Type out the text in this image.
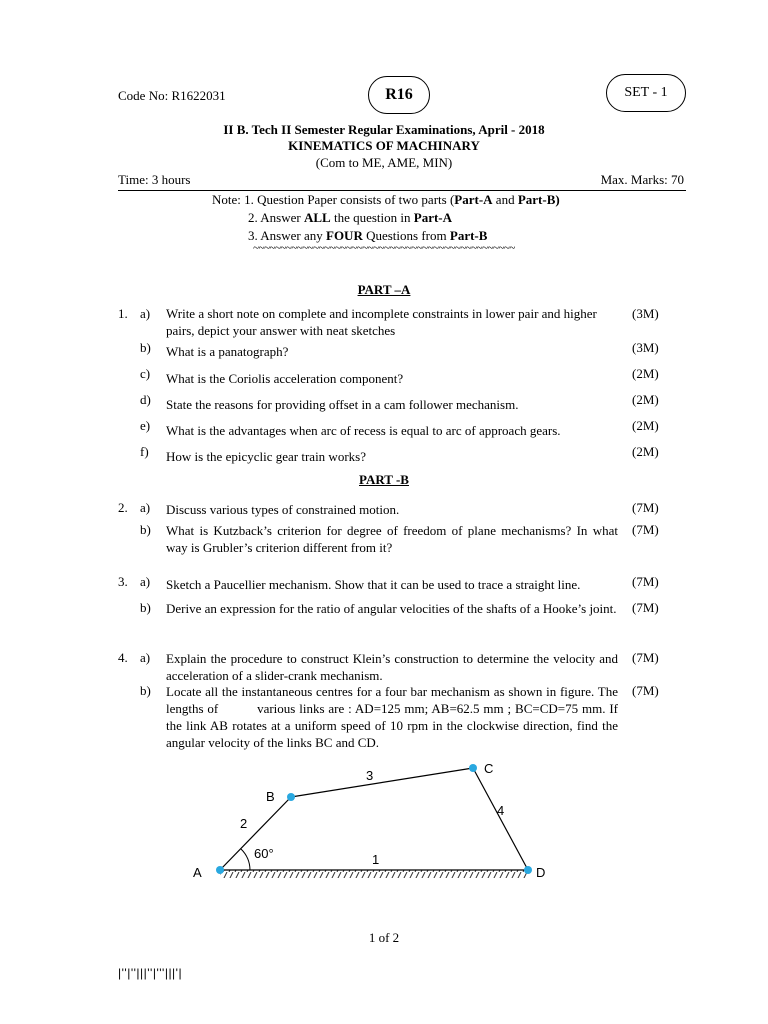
Code No: R1622031	R16	SET - 1
II B. Tech II Semester Regular Examinations, April - 2018
KINEMATICS OF MACHINARY
(Com to ME, AME, MIN)
Time: 3 hours	Max. Marks: 70
Note: 1. Question Paper consists of two parts (Part-A and Part-B)
2. Answer ALL the question in Part-A
3. Answer any FOUR Questions from Part-B
~~~~~~~~~~~~~~~~~~~~~~~~~~~~~~~~~~~~~~~~~~~~~~~~
PART –A
1. a)	Write a short note on complete and incomplete constraints in lower pair and higher pairs, depict your answer with neat sketches
(3M)
b)	What is a panatograph?	(3M)
c)	What is the Coriolis acceleration component?	(2M)
d)	State the reasons for providing offset in a cam follower mechanism.	(2M)
e)	What is the advantages when arc of recess is equal to arc of approach gears.	(2M)
f)	How is the epicyclic gear train works?	(2M)
PART -B
2. a)	Discuss various types of constrained motion.	(7M)
b)	What is Kutzback’s criterion for degree of freedom of plane mechanisms? In what way is Grubler’s criterion different from it?
(7M)
3. a)	Sketch a Paucellier mechanism. Show that it can be used to trace a straight line.	(7M)
b)	Derive an expression for the ratio of angular velocities of the shafts of a Hooke’s joint. (7M)
4. a)	Explain the procedure to construct Klein’s construction to determine the velocity and acceleration of a slider-crank mechanism.
(7M)
b)	Locate all the instantaneous centres for a four bar mechanism as shown in figure. The lengths of          various links are : AD=125 mm; AB=62.5 mm ; BC=CD=75 mm. If the link AB rotates at a uniform speed of 10 rpm in the clockwise direction, find the angular velocity of the links BC and CD.
(7M)
A
B
C
D
1
2
3
4
60°
1 of 2
|''|''|||''|'''|||'|
